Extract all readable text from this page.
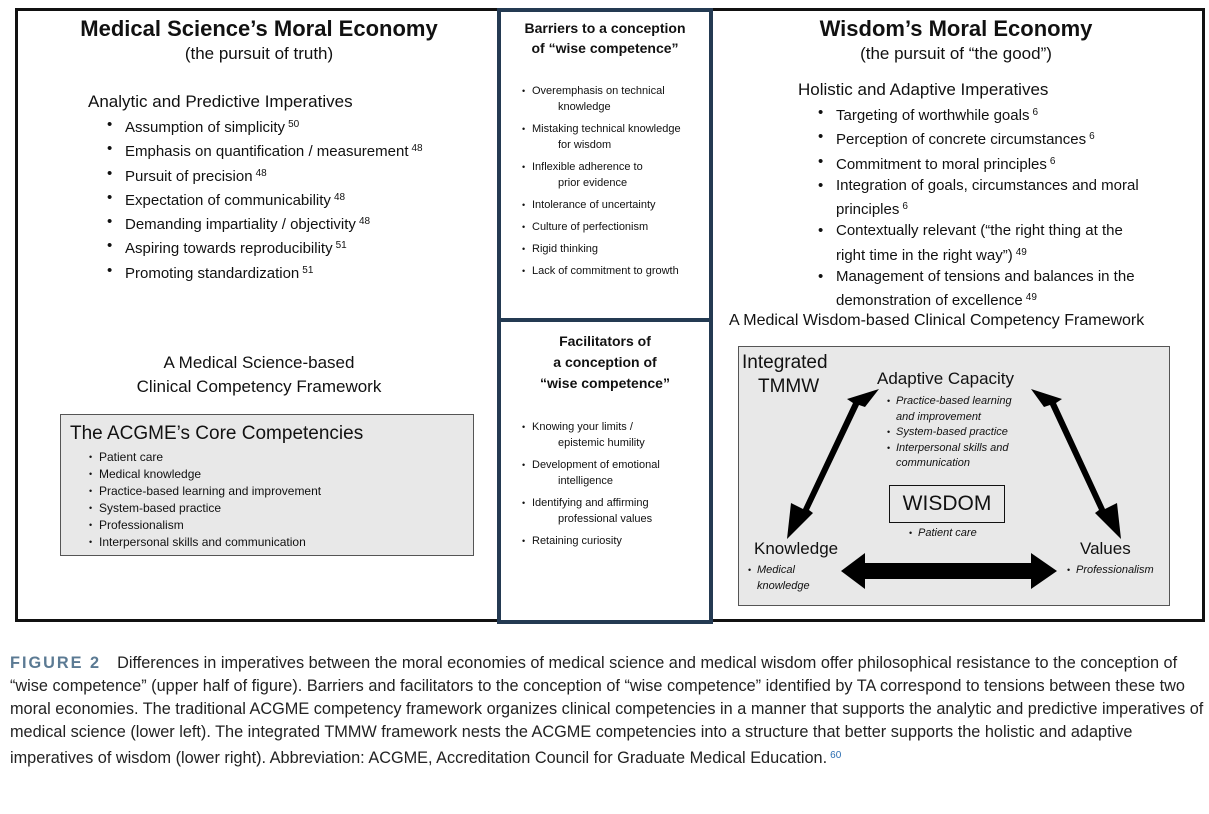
Medical Science’s Moral Economy
(the pursuit of truth)
Analytic and Predictive Imperatives
• Assumption of simplicity $^{50}$
• Emphasis on quantification / measurement $^{48}$
• Pursuit of precision $^{48}$
• Expectation of communicability $^{48}$
• Demanding impartiality / objectivity $^{48}$
• Aspiring towards reproducibility $^{51}$
• Promoting standardization $^{51}$
A Medical Science-based
Clinical Competency Framework
The ACGME’s Core Competencies
• Patient care
• Medical knowledge
• Practice-based learning and improvement
• System-based practice
• Professionalism
• Interpersonal skills and communication
Barriers to a conception
of “wise competence”
• Overemphasis on technical
knowledge
• Mistaking technical knowledge
for wisdom
• Inflexible adherence to
prior evidence
• Intolerance of uncertainty
• Culture of perfectionism
• Rigid thinking
• Lack of commitment to growth
Facilitators of
a conception of
“wise competence”
• Knowing your limits /
epistemic humility
• Development of emotional
intelligence
• Identifying and affirming
professional values
• Retaining curiosity
Wisdom’s Moral Economy
(the pursuit of “the good”)
Holistic and Adaptive Imperatives
• Targeting of worthwhile goals $^6$
• Perception of concrete circumstances $^6$
• Commitment to moral principles $^6$
• Integration of goals, circumstances and moral principles $^6$
• Contextually relevant (“the right thing at the right time in the right way”) $^{49}$
• Management of tensions and balances in the demonstration of excellence $^{49}$
A Medical Wisdom-based Clinical Competency Framework
Integrated
TMMW	Adaptive Capacity
• Practice-based learning and improvement
• System-based practice
• Interpersonal skills and communication
WISDOM
• Patient care
Knowledge
• Medical knowledge
Values
• Professionalism
FIGURE 2 Differences in imperatives between the moral economies of medical science and medical wisdom offer philosophical resistance to the conception of “wise competence” (upper half of figure). Barriers and facilitators to the conception of “wise competence” identified by TA correspond to tensions between these two moral economies. The traditional ACGME competency framework organizes clinical competencies in a manner that supports the analytic and predictive imperatives of medical science (lower left). The integrated TMMW framework nests the ACGME competencies into a structure that better supports the holistic and adaptive imperatives of wisdom (lower right). Abbreviation: ACGME, Accreditation Council for Graduate Medical Education. $^{60}$
